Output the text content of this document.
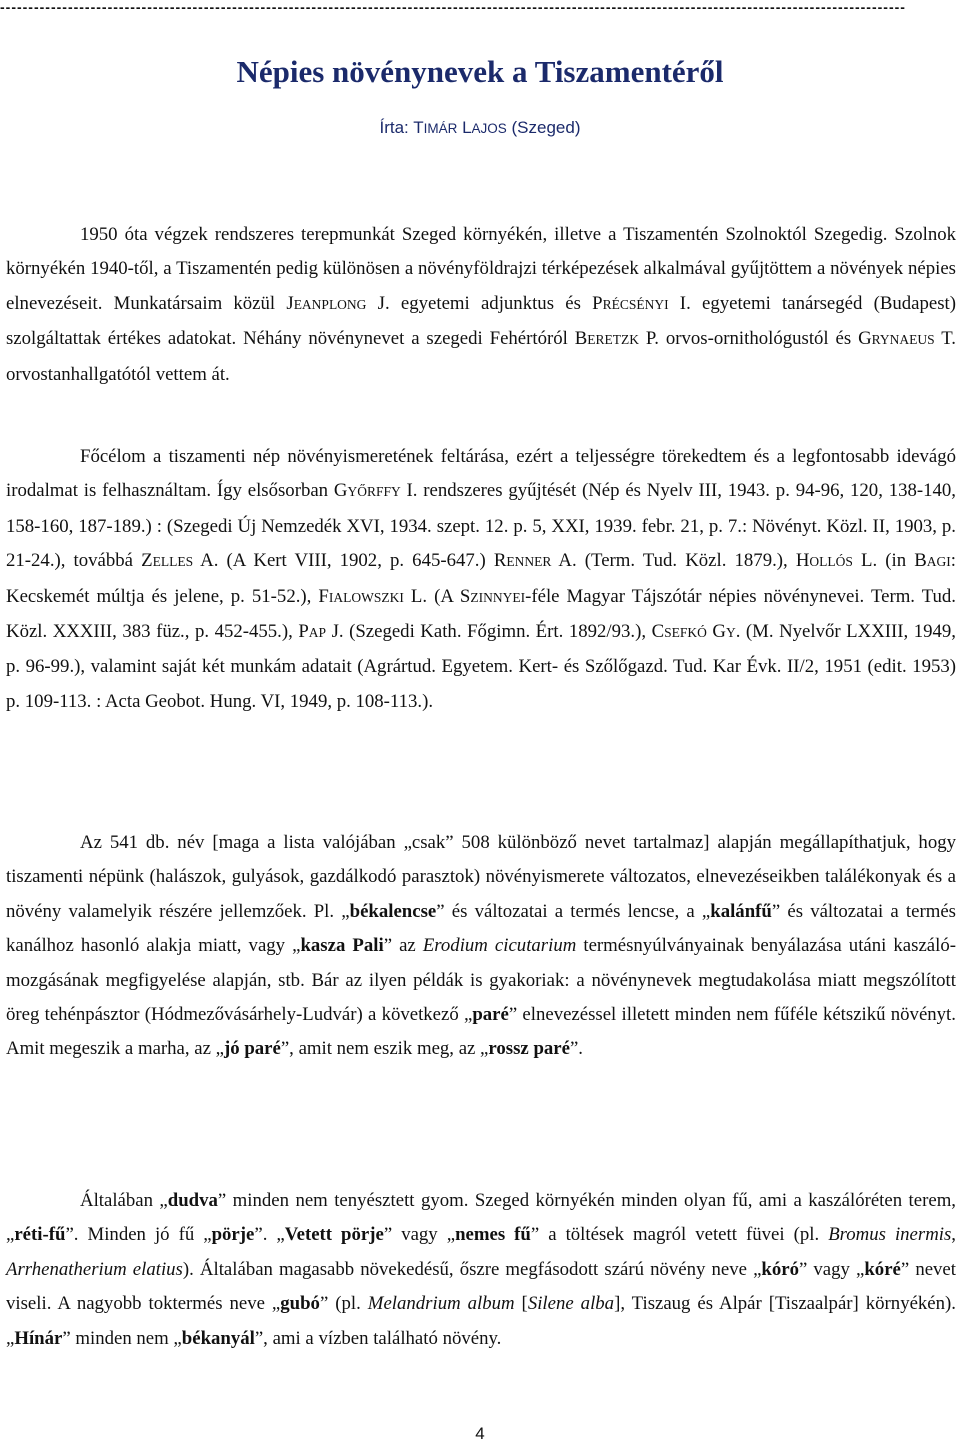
----------------------------------------------------------------------------------------------------------------------------------------------------------------
Népies növénynevek a Tiszamentéről
Írta: TIMÁR LAJOS (Szeged)

1950 óta végzek rendszeres terepmunkát Szeged környékén, illetve a Tiszamentén Szolnoktól Szegedig. Szolnok környékén 1940-től, a Tiszamentén pedig különösen a növényföldrajzi térképezések alkalmával gyűjtöttem a növények népies elnevezéseit. Munkatársaim közül JEANPLONG J. egyetemi adjunktus és PRÉCSÉNYI I. egyetemi tanársegéd (Budapest) szolgáltattak értékes adatokat. Néhány növénynevet a szegedi Fehértóról BERETZK P. orvos-ornithológustól és GRYNAEUS T. orvostanhallgatótól vettem át.

Főcélom a tiszamenti nép növényismeretének feltárása, ezért a teljességre törekedtem és a legfontosabb idevágó irodalmat is felhasználtam. Így elsősorban GYŐRFFY I. rendszeres gyűjtését (Nép és Nyelv III, 1943. p. 94-96, 120, 138-140, 158-160, 187-189.) : (Szegedi Új Nemzedék XVI, 1934. szept. 12. p. 5, XXI, 1939. febr. 21, p. 7.: Növényt. Közl. II, 1903, p. 21-24.), továbbá ZELLES A. (A Kert VIII, 1902, p. 645-647.) RENNER A. (Term. Tud. Közl. 1879.), HOLLÓS L. (in BAGI: Kecskemét múltja és jelene, p. 51-52.), FIALOWSZKI L. (A SZINNYEI-féle Magyar Tájszótár népies növénynevei. Term. Tud. Közl. XXXIII, 383 füz., p. 452-455.), PAP J. (Szegedi Kath. Főgimn. Ért. 1892/93.), CSEFKÓ GY. (M. Nyelvőr LXXIII, 1949, p. 96-99.), valamint saját két munkám adatait (Agrártud. Egyetem. Kert- és Szőlőgazd. Tud. Kar Évk. II/2, 1951 (edit. 1953) p. 109-113. : Acta Geobot. Hung. VI, 1949, p. 108-113.).

Az 541 db. név [maga a lista valójában „csak” 508 különböző nevet tartalmaz] alapján megállapíthatjuk, hogy tiszamenti népünk (halászok, gulyások, gazdálkodó parasztok) növényismerete változatos, elnevezéseikben találékonyak és a növény valamelyik részére jellemzőek. Pl. „békalencse” és változatai a termés lencse, a „kalánfű” és változatai a termés kanálhoz hasonló alakja miatt, vagy „kasza Pali” az Erodium cicutarium termésnyúlványainak benyálazása utáni kaszáló-mozgásának megfigyelése alapján, stb. Bár az ilyen példák is gyakoriak: a növénynevek megtudakolása miatt megszólított öreg tehénpásztor (Hódmezővásárhely-Ludvár) a következő „paré” elnevezéssel illetett minden nem fűféle kétszikű növényt. Amit megeszik a marha, az „jó paré”, amit nem eszik meg, az „rossz paré”.

Általában „dudva” minden nem tenyésztett gyom. Szeged környékén minden olyan fű, ami a kaszálóréten terem, „réti-fű”. Minden jó fű „pörje”. „Vetett pörje” vagy „nemes fű” a töltések magról vetett füvei (pl. Bromus inermis, Arrhenatherium elatius). Általában magasabb növekedésű, őszre megfásodott szárú növény neve „kóró” vagy „kóré” nevet viseli. A nagyobb toktermés neve „gubó” (pl. Melandrium album [Silene alba], Tiszaug és Alpár [Tiszaalpár] környékén). „Hínár” minden nem „békanyál”, ami a vízben található növény.

4
